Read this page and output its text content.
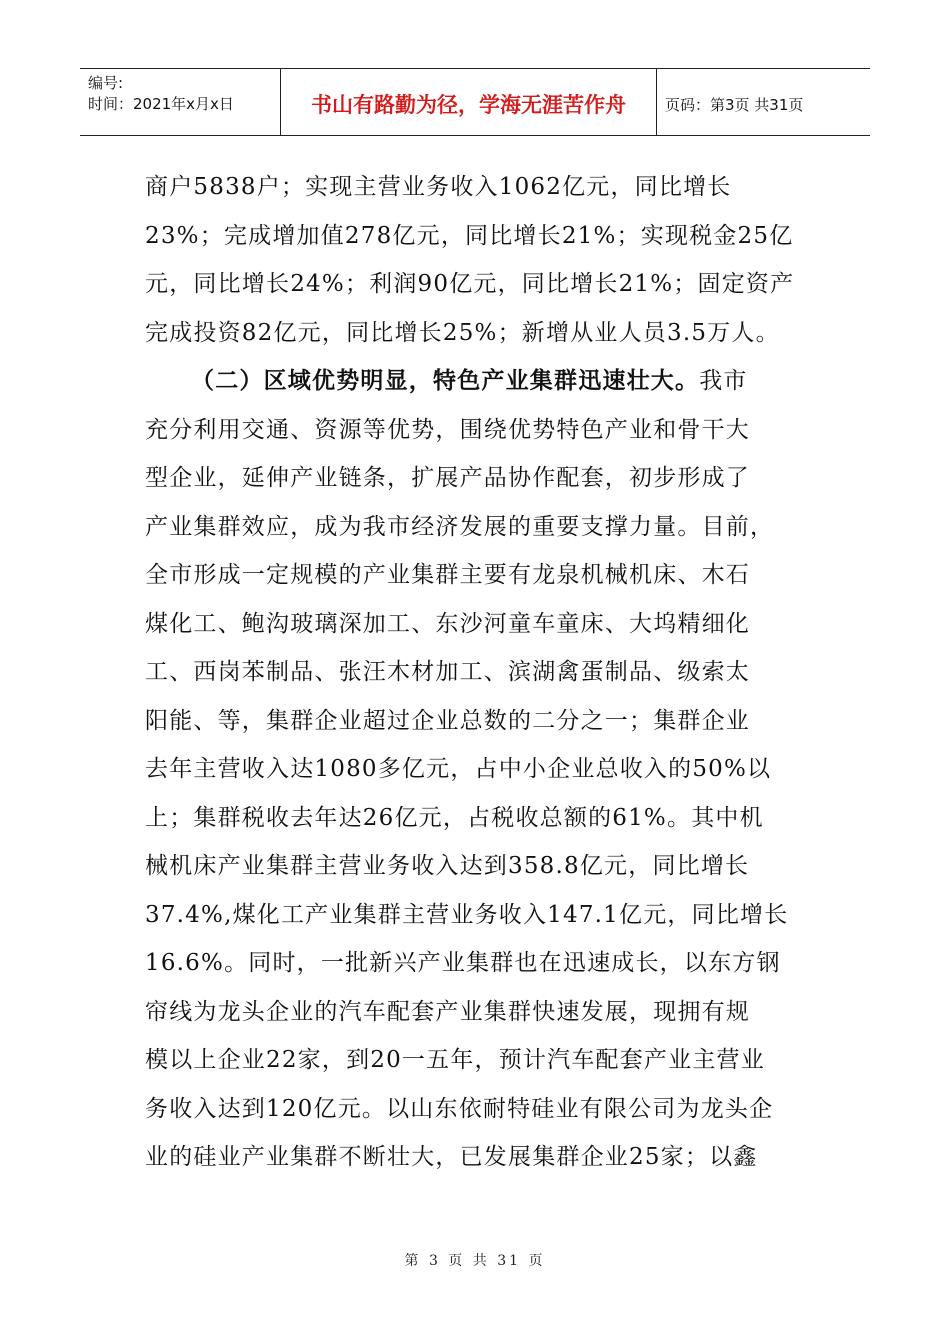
编号:
时间：2021年x月x日	书山有路勤为径，学海无涯苦作舟	页码：第3页 共31页
商户5838户；实现主营业务收入1062亿元，同比增长
23%；完成增加值278亿元，同比增长21%；实现税金25亿
元，同比增长24%；利润90亿元，同比增长21%；固定资产
完成投资82亿元，同比增长25%；新增从业人员3.5万人。
（二）区域优势明显，特色产业集群迅速壮大。我市
充分利用交通、资源等优势，围绕优势特色产业和骨干大
型企业，延伸产业链条，扩展产品协作配套，初步形成了
产业集群效应，成为我市经济发展的重要支撑力量。目前，
全市形成一定规模的产业集群主要有龙泉机械机床、木石
煤化工、鲍沟玻璃深加工、东沙河童车童床、大坞精细化
工、西岗苯制品、张汪木材加工、滨湖禽蛋制品、级索太
阳能、等，集群企业超过企业总数的二分之一；集群企业
去年主营收入达1080多亿元，占中小企业总收入的50%以
上；集群税收去年达26亿元，占税收总额的61%。其中机
械机床产业集群主营业务收入达到358.8亿元，同比增长
37.4%,煤化工产业集群主营业务收入147.1亿元，同比增长
16.6%。同时，一批新兴产业集群也在迅速成长，以东方钢
帘线为龙头企业的汽车配套产业集群快速发展，现拥有规
模以上企业22家，到20一五年，预计汽车配套产业主营业
务收入达到120亿元。以山东依耐特硅业有限公司为龙头企
业的硅业产业集群不断壮大，已发展集群企业25家；以鑫
第 3 页 共 31 页
